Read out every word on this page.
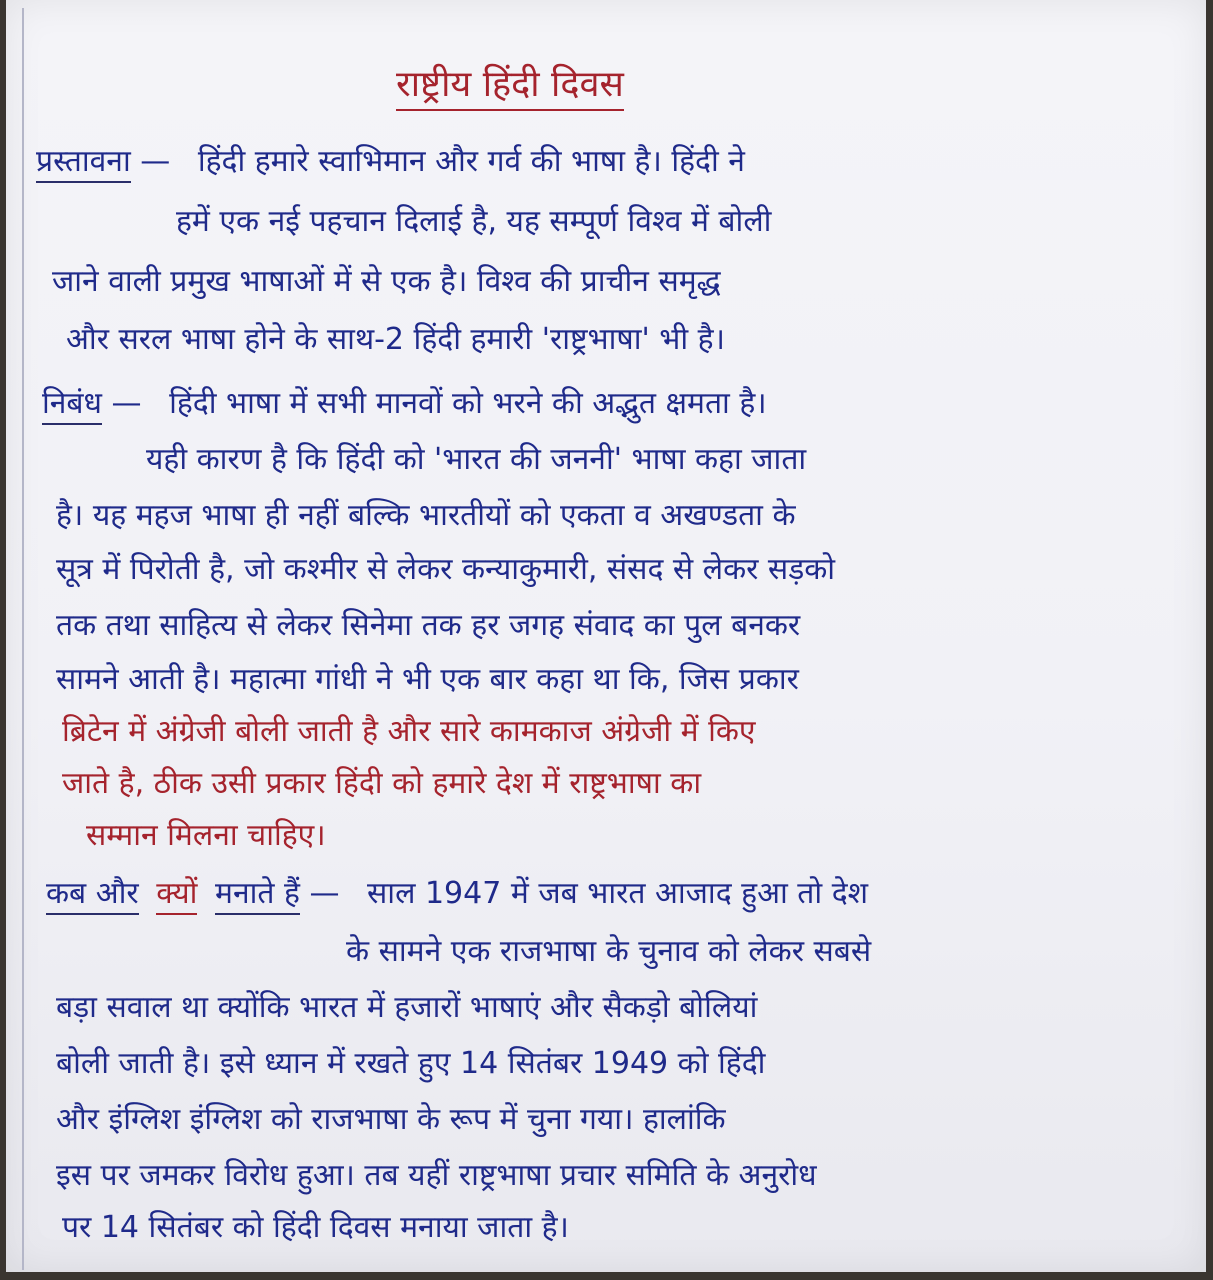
राष्ट्रीय हिंदी दिवस
प्रस्तावना — हिंदी हमारे स्वाभिमान और गर्व की भाषा है। हिंदी ने
हमें एक नई पहचान दिलाई है, यह सम्पूर्ण विश्व में बोली
जाने वाली प्रमुख भाषाओं में से एक है। विश्व की प्राचीन समृद्ध
और सरल भाषा होने के साथ-2 हिंदी हमारी 'राष्ट्रभाषा' भी है।
निबंध — हिंदी भाषा में सभी मानवों को भरने की अद्भुत क्षमता है।
यही कारण है कि हिंदी को 'भारत की जननी' भाषा कहा जाता
है। यह महज भाषा ही नहीं बल्कि भारतीयों को एकता व अखण्डता के
सूत्र में पिरोती है, जो कश्मीर से लेकर कन्याकुमारी, संसद से लेकर सड़को
तक तथा साहित्य से लेकर सिनेमा तक हर जगह संवाद का पुल बनकर
सामने आती है। महात्मा गांधी ने भी एक बार कहा था कि, जिस प्रकार
ब्रिटेन में अंग्रेजी बोली जाती है और सारे कामकाज अंग्रेजी में किए
जाते है, ठीक उसी प्रकार हिंदी को हमारे देश में राष्ट्रभाषा का
सम्मान मिलना चाहिए।
कब और क्यों मनाते हैं — साल 1947 में जब भारत आजाद हुआ तो देश
के सामने एक राजभाषा के चुनाव को लेकर सबसे
बड़ा सवाल था क्योंकि भारत में हजारों भाषाएं और सैकड़ो बोलियां
बोली जाती है। इसे ध्यान में रखते हुए 14 सितंबर 1949 को हिंदी
और इंग्लिश इंग्लिश को राजभाषा के रूप में चुना गया। हालांकि
इस पर जमकर विरोध हुआ। तब यहीं राष्ट्रभाषा प्रचार समिति के अनुरोध
पर 14 सितंबर को हिंदी दिवस मनाया जाता है।
